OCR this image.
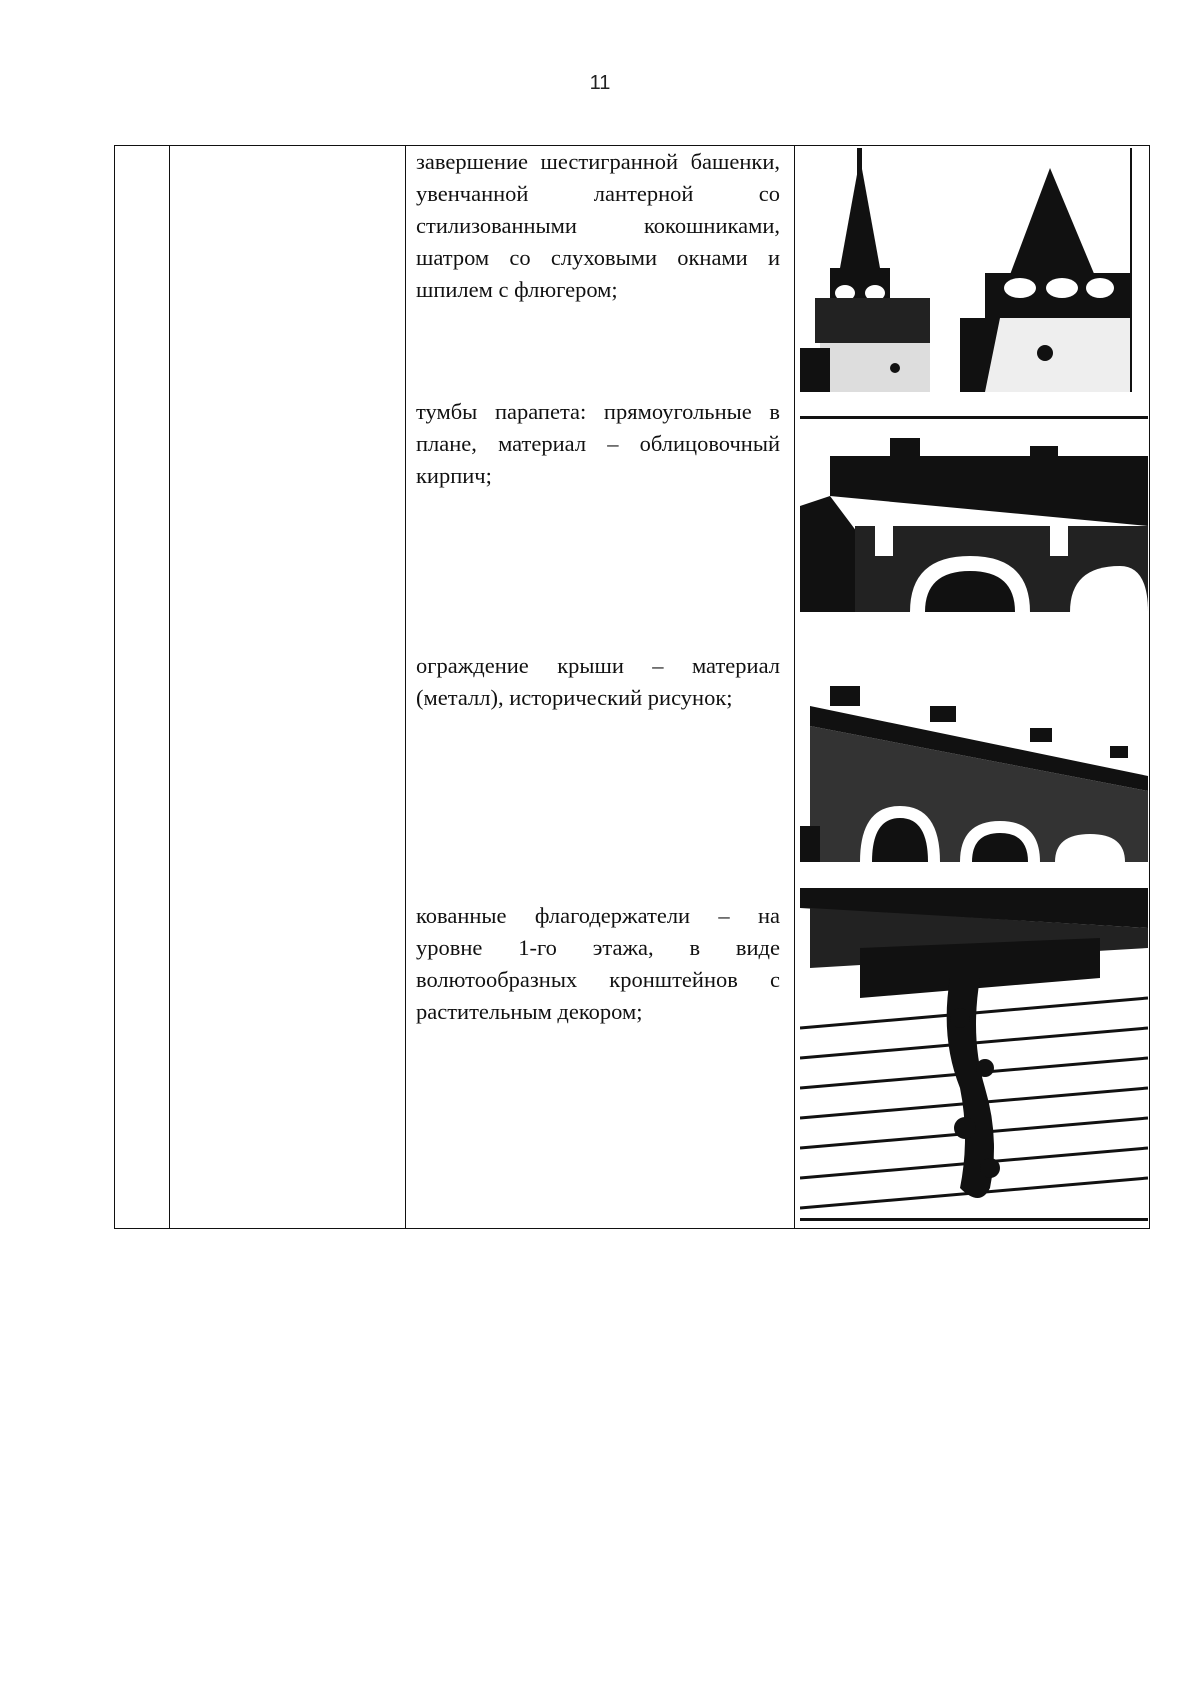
11
завершение шестигранной башенки, увенчанной лантерной со стилизованными кокошниками, шатром со слуховыми окнами и шпилем с флюгером;
тумбы парапета: прямоугольные в плане, материал – облицовочный кирпич;
ограждение крыши – материал (металл), исторический рисунок;
кованные флагодержатели – на уровне 1-го этажа, в виде волютообразных кронштейнов с растительным декором;
